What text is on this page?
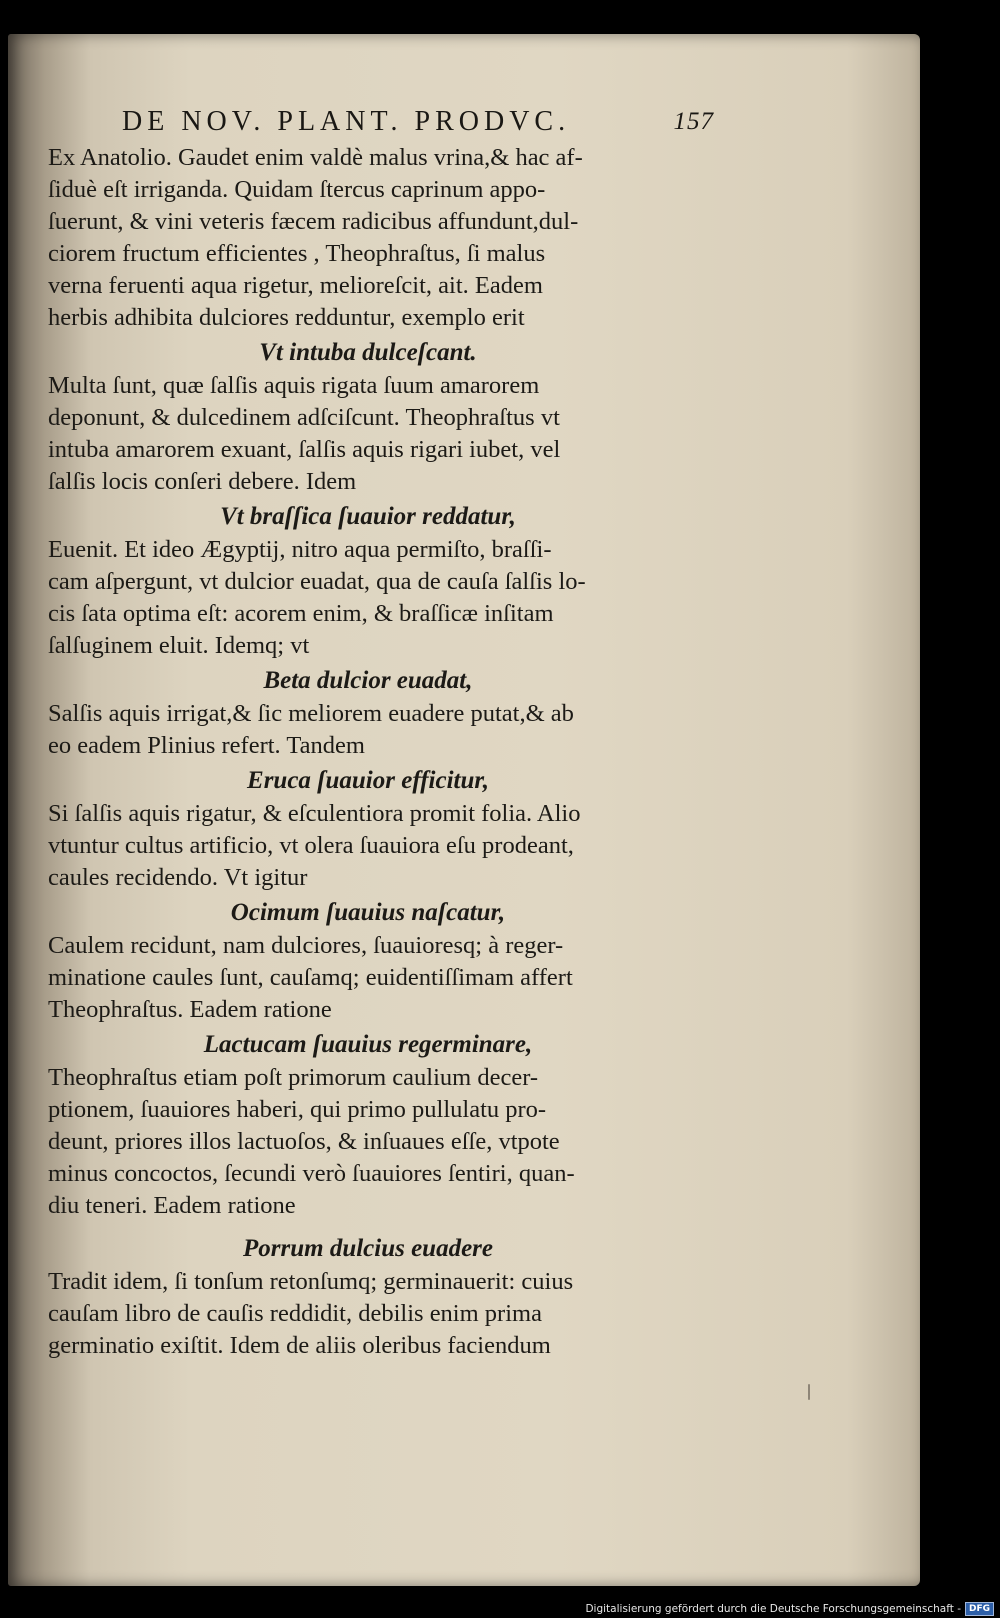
DE NOV. PLANT. PRODVC.	157
Ex Anatolio. Gaudet enim valdè malus vrina,& hac af-
ſiduè eſt irriganda. Quidam ſtercus caprinum appo-
ſuerunt, & vini veteris fæcem radicibus affundunt,dul-
ciorem fructum efficientes , Theophraſtus, ſi malus
verna feruenti aqua rigetur, melioreſcit, ait. Eadem
herbis adhibita dulciores redduntur, exemplo erit
Vt intuba dulceſcant.
Multa ſunt, quæ ſalſis aquis rigata ſuum amarorem
deponunt, & dulcedinem adſciſcunt. Theophraſtus vt
intuba amarorem exuant, ſalſis aquis rigari iubet, vel
ſalſis locis conſeri debere. Idem
Vt braſſica ſuauior reddatur,
Euenit. Et ideo Ægyptij, nitro aqua permiſto, braſſi-
cam aſpergunt, vt dulcior euadat, qua de cauſa ſalſis lo-
cis ſata optima eſt: acorem enim, & braſſicæ inſitam
ſalſuginem eluit. Idemq; vt
Beta dulcior euadat,
Salſis aquis irrigat,& ſic meliorem euadere putat,& ab
eo eadem Plinius refert. Tandem
Eruca ſuauior efficitur,
Si ſalſis aquis rigatur, & eſculentiora promit folia. Alio
vtuntur cultus artificio, vt olera ſuauiora eſu prodeant,
caules recidendo. Vt igitur
Ocimum ſuauius naſcatur,
Caulem recidunt, nam dulciores, ſuauioresq; à reger-
minatione caules ſunt, cauſamq; euidentiſſimam affert
Theophraſtus. Eadem ratione
Lactucam ſuauius regerminare,
Theophraſtus etiam poſt primorum caulium decer-
ptionem, ſuauiores haberi, qui primo pullulatu pro-
deunt, priores illos lactuoſos, & inſuaues eſſe, vtpote
minus concoctos, ſecundi verò ſuauiores ſentiri, quan-
diu teneri. Eadem ratione
Porrum dulcius euadere
Tradit idem, ſi tonſum retonſumq; germinauerit: cuius
cauſam libro de cauſis reddidit, debilis enim prima
germinatio exiſtit. Idem de aliis oleribus faciendum
Digitalisierung gefördert durch die Deutsche Forschungsgemeinschaft - DFG
